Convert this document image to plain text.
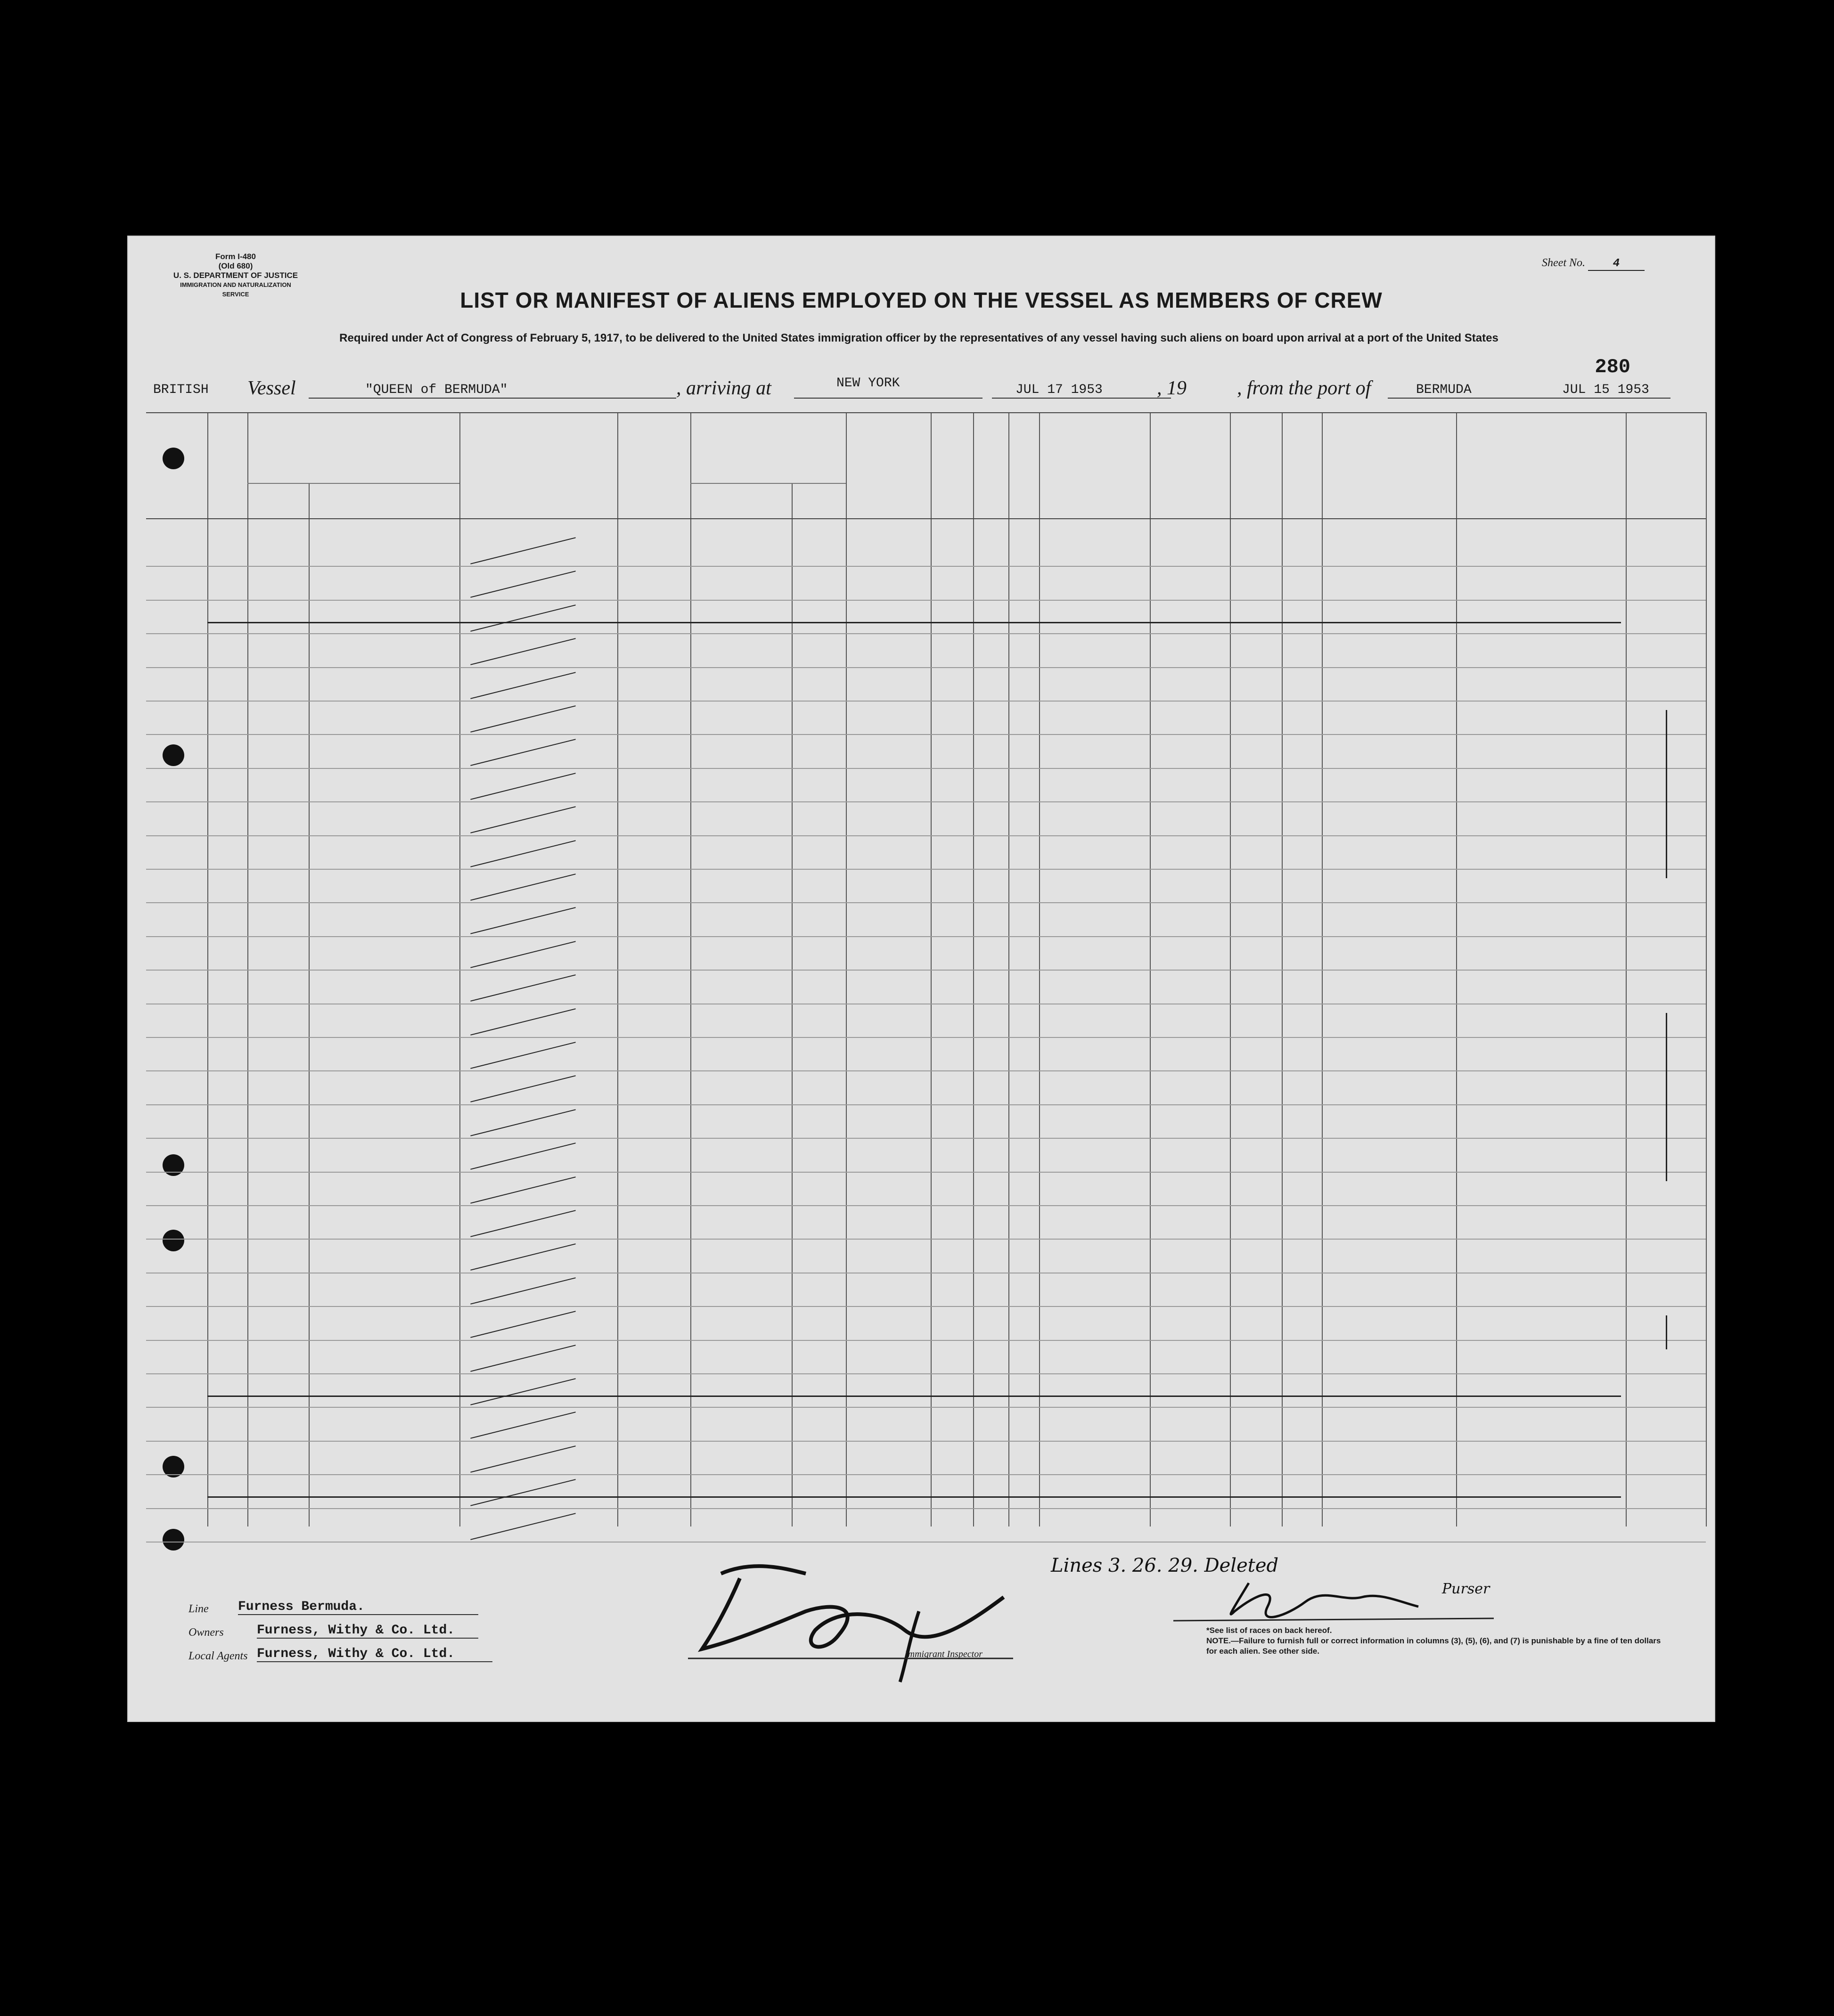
Form I-480
(Old 680)
U. S. DEPARTMENT OF JUSTICE
IMMIGRATION AND NATURALIZATION SERVICE
Sheet No. 4
LIST OR MANIFEST OF ALIENS EMPLOYED ON THE VESSEL AS MEMBERS OF CREW
Required under Act of Congress of February 5, 1917, to be delivered to the United States immigration officer by the representatives of any vessel having such aliens on board upon arrival at a port of the United States
280
BRITISH Vessel	"QUEEN of BERMUDA"	, arriving at	NEW YORK	JUL 17 1953	, 19	, from the port of	BERMUDA	JUL 15 1953
Lines 3. 26. 29. Deleted
Immigrant Inspector
Purser
Line Furness Bermuda.
Owners	Furness, Withy & Co. Ltd.
Local Agents Furness, Withy & Co. Ltd.
*See list of races on back hereof.
NOTE.—Failure to furnish full or correct information in columns (3), (5), (6), and (7) is punishable by a fine of ten dollars for each alien. See other side.
